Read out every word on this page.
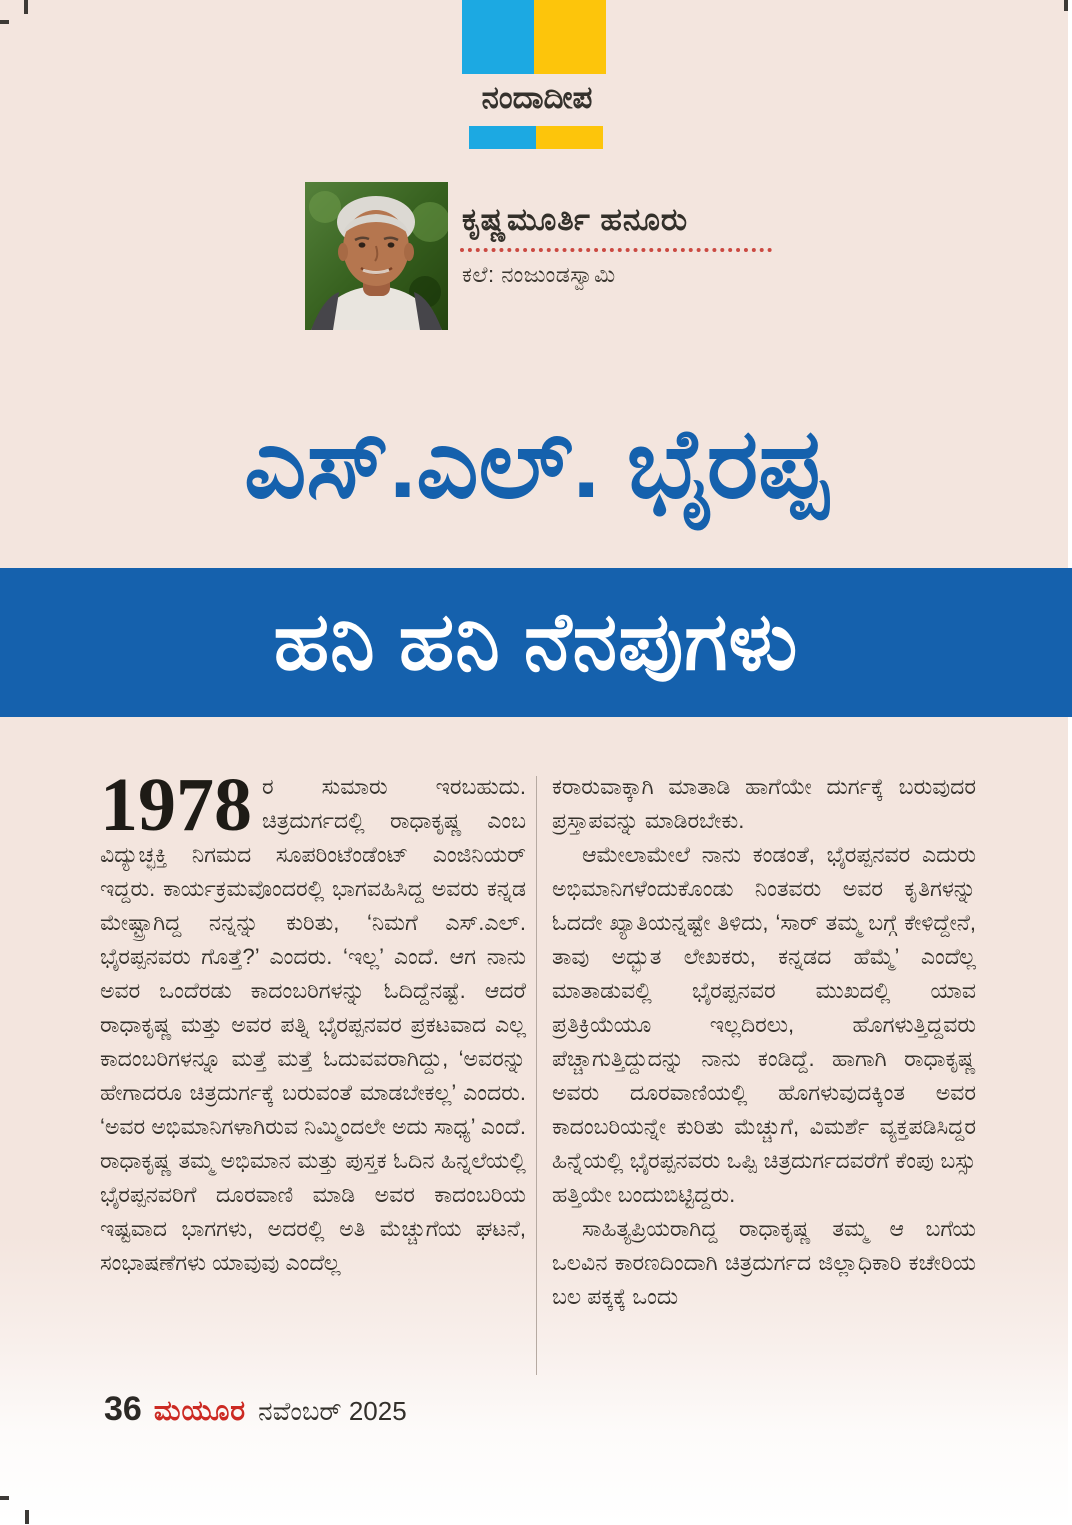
ನಂದಾದೀಪ
ಕೃಷ್ಣಮೂರ್ತಿ ಹನೂರು
ಕಲೆ: ನಂಜುಂಡಸ್ವಾಮಿ
ಎಸ್.ಎಲ್. ಭೈರಪ್ಪ
ಹನಿ ಹನಿ ನೆನಪುಗಳು

1978 ರ ಸುಮಾರು ಇರಬಹುದು. ಚಿತ್ರದುರ್ಗದಲ್ಲಿ ರಾಧಾಕೃಷ್ಣ ಎಂಬ ವಿದ್ಯುಚ್ಛಕ್ತಿ ನಿಗಮದ ಸೂಪರಿಂಟೆಂಡೆಂಟ್ ಎಂಜಿನಿಯರ್ ಇದ್ದರು. ಕಾರ್ಯಕ್ರಮವೊಂದರಲ್ಲಿ ಭಾಗವಹಿಸಿದ್ದ ಅವರು ಕನ್ನಡ ಮೇಷ್ಟ್ರಾಗಿದ್ದ ನನ್ನನ್ನು ಕುರಿತು, ‘ನಿಮಗೆ ಎಸ್.ಎಲ್. ಭೈರಪ್ಪನವರು ಗೊತ್ತೆ?’ ಎಂದರು. ‘ಇಲ್ಲ’ ಎಂದೆ. ಆಗ ನಾನು ಅವರ ಒಂದೆರಡು ಕಾದಂಬರಿಗಳನ್ನು ಓದಿದ್ದೆನಷ್ಟೆ. ಆದರೆ ರಾಧಾಕೃಷ್ಣ ಮತ್ತು ಅವರ ಪತ್ನಿ ಭೈರಪ್ಪನವರ ಪ್ರಕಟವಾದ ಎಲ್ಲ ಕಾದಂಬರಿಗಳನ್ನೂ ಮತ್ತೆ ಮತ್ತೆ ಓದುವವರಾಗಿದ್ದು, ‘ಅವರನ್ನು ಹೇಗಾದರೂ ಚಿತ್ರದುರ್ಗಕ್ಕೆ ಬರುವಂತೆ ಮಾಡಬೇಕಲ್ಲ’ ಎಂದರು. ‘ಅವರ ಅಭಿಮಾನಿಗಳಾಗಿರುವ ನಿಮ್ಮಿಂದಲೇ ಅದು ಸಾಧ್ಯ’ ಎಂದೆ. ರಾಧಾಕೃಷ್ಣ ತಮ್ಮ ಅಭಿಮಾನ ಮತ್ತು ಪುಸ್ತಕ ಓದಿನ ಹಿನ್ನಲೆಯಲ್ಲಿ ಭೈರಪ್ಪನವರಿಗೆ ದೂರವಾಣಿ ಮಾಡಿ ಅವರ ಕಾದಂಬರಿಯ ಇಷ್ಟವಾದ ಭಾಗಗಳು, ಅದರಲ್ಲಿ ಅತಿ ಮೆಚ್ಚುಗೆಯ ಘಟನೆ, ಸಂಭಾಷಣೆಗಳು ಯಾವುವು ಎಂದೆಲ್ಲ

ಕರಾರುವಾಕ್ಕಾಗಿ ಮಾತಾಡಿ ಹಾಗೆಯೇ ದುರ್ಗಕ್ಕೆ ಬರುವುದರ ಪ್ರಸ್ತಾಪವನ್ನು ಮಾಡಿರಬೇಕು.

ಆಮೇಲಾಮೇಲೆ ನಾನು ಕಂಡಂತೆ, ಭೈರಪ್ಪನವರ ಎದುರು ಅಭಿಮಾನಿಗಳೆಂದುಕೊಂಡು ನಿಂತವರು ಅವರ ಕೃತಿಗಳನ್ನು ಓದದೇ ಖ್ಯಾತಿಯನ್ನಷ್ಟೇ ತಿಳಿದು, ‘ಸಾರ್ ತಮ್ಮ ಬಗ್ಗೆ ಕೇಳಿದ್ದೇನೆ, ತಾವು ಅದ್ಭುತ ಲೇಖಕರು, ಕನ್ನಡದ ಹೆಮ್ಮೆ’ ಎಂದೆಲ್ಲ ಮಾತಾಡುವಲ್ಲಿ ಭೈರಪ್ಪನವರ ಮುಖದಲ್ಲಿ ಯಾವ ಪ್ರತಿಕ್ರಿಯೆಯೂ ಇಲ್ಲದಿರಲು, ಹೊಗಳುತ್ತಿದ್ದವರು ಪೆಚ್ಚಾಗುತ್ತಿದ್ದುದನ್ನು ನಾನು ಕಂಡಿದ್ದೆ. ಹಾಗಾಗಿ ರಾಧಾಕೃಷ್ಣ ಅವರು ದೂರವಾಣಿಯಲ್ಲಿ ಹೊಗಳುವುದಕ್ಕಿಂತ ಅವರ ಕಾದಂಬರಿಯನ್ನೇ ಕುರಿತು ಮೆಚ್ಚುಗೆ, ವಿಮರ್ಶೆ ವ್ಯಕ್ತಪಡಿಸಿದ್ದರ ಹಿನ್ನೆಯಲ್ಲಿ ಭೈರಪ್ಪನವರು ಒಪ್ಪಿ ಚಿತ್ರದುರ್ಗದವರೆಗೆ ಕೆಂಪು ಬಸ್ಸು ಹತ್ತಿಯೇ ಬಂದುಬಿಟ್ಟಿದ್ದರು.

ಸಾಹಿತ್ಯಪ್ರಿಯರಾಗಿದ್ದ ರಾಧಾಕೃಷ್ಣ ತಮ್ಮ ಆ ಬಗೆಯ ಒಲವಿನ ಕಾರಣದಿಂದಾಗಿ ಚಿತ್ರದುರ್ಗದ ಜಿಲ್ಲಾಧಿಕಾರಿ ಕಚೇರಿಯ ಬಲ ಪಕ್ಕಕ್ಕೆ ಒಂದು

36 ಮಯೂರ ನವೆಂಬರ್ 2025
